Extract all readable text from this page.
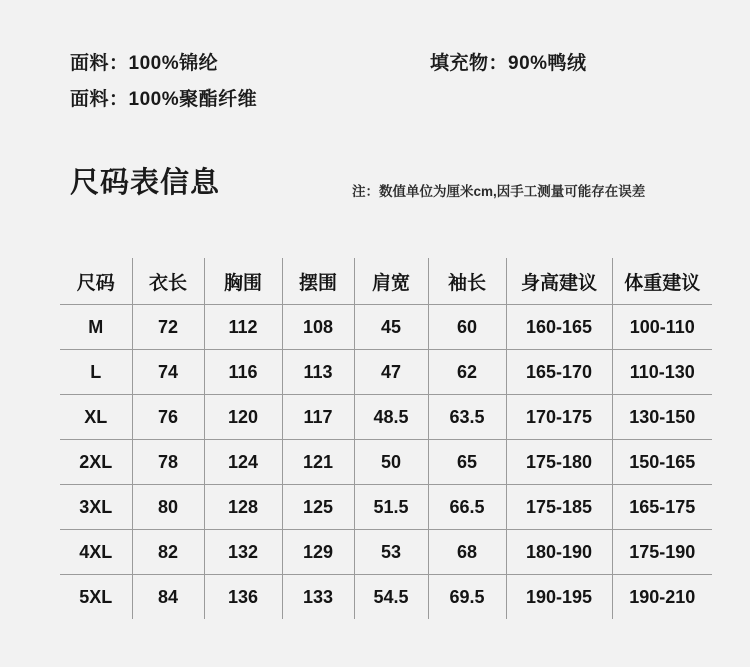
面料：100%锦纶	填充物：90%鸭绒
面料：100%聚酯纤维
尺码表信息	注：数值单位为厘米cm,因手工测量可能存在误差
尺码	衣长	胸围	摆围	肩宽	袖长	身高建议	体重建议
M	72	112	108	45	60	160-165	100-110
L	74	116	113	47	62	165-170	110-130
XL	76	120	117	48.5	63.5	170-175	130-150
2XL	78	124	121	50	65	175-180	150-165
3XL	80	128	125	51.5	66.5	175-185	165-175
4XL	82	132	129	53	68	180-190	175-190
5XL	84	136	133	54.5	69.5	190-195	190-210
